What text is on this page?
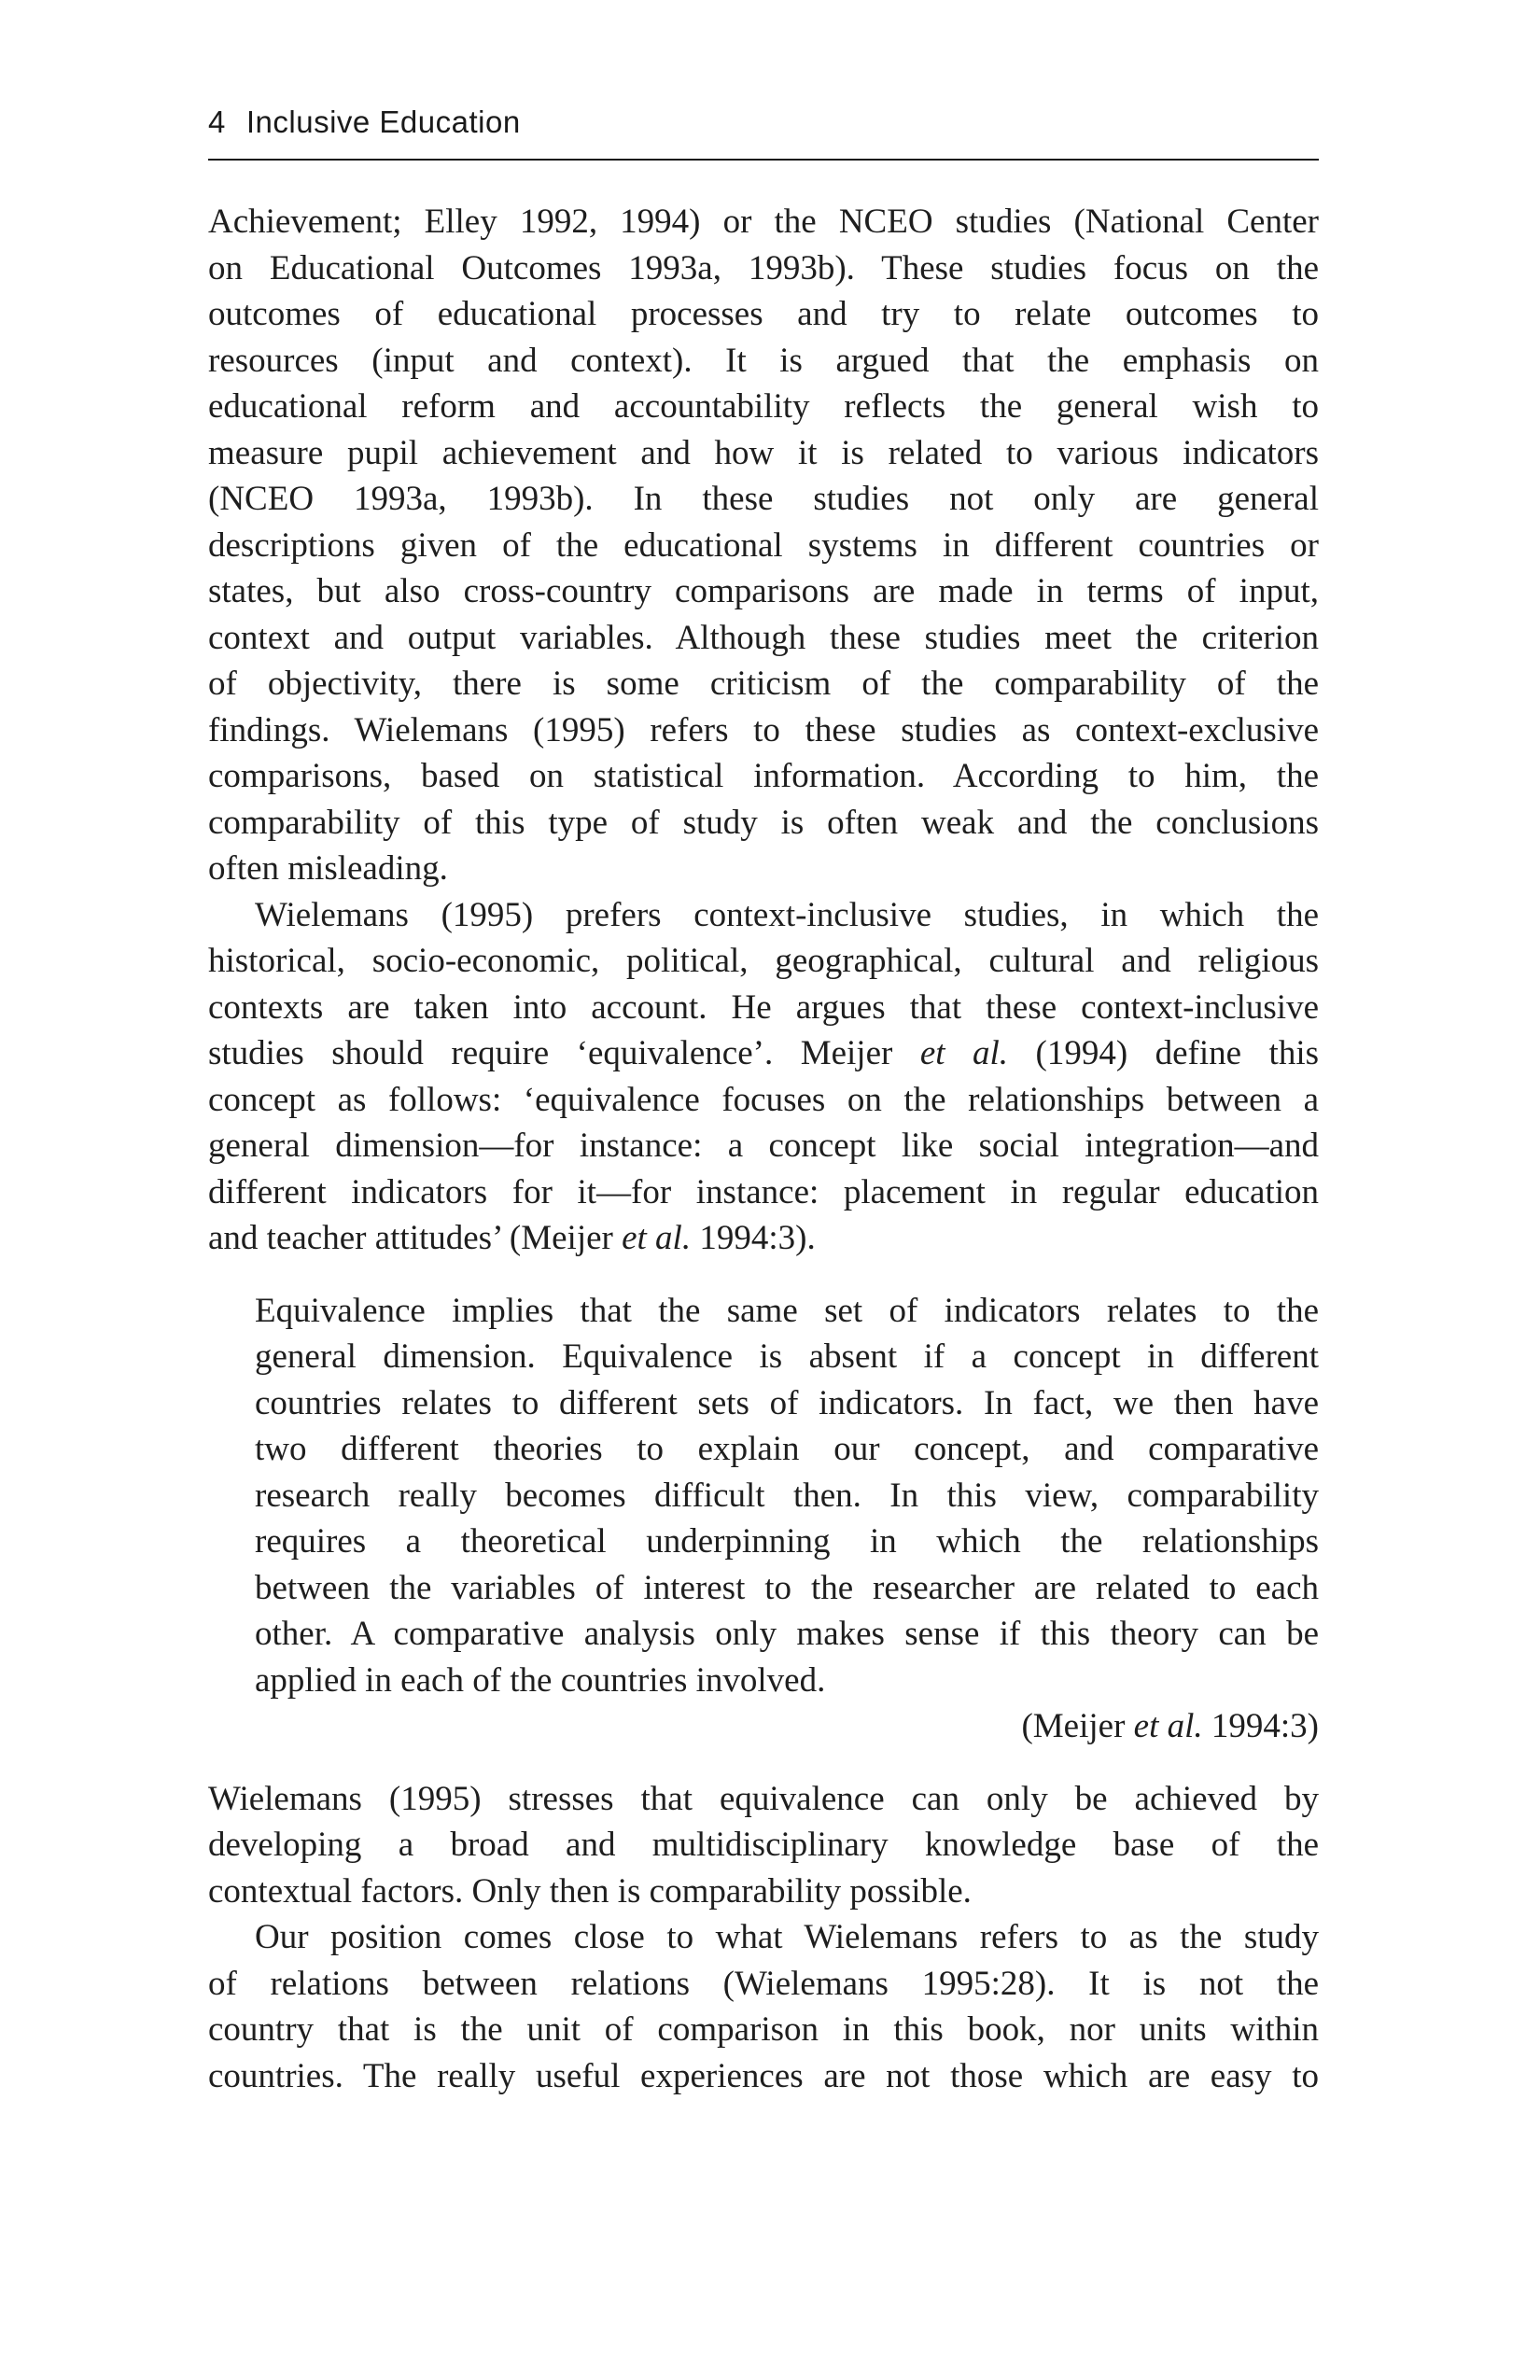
4 Inclusive Education
Achievement; Elley 1992, 1994) or the NCEO studies (National Center
on Educational Outcomes 1993a, 1993b). These studies focus on the
outcomes of educational processes and try to relate outcomes to
resources (input and context). It is argued that the emphasis on
educational reform and accountability reflects the general wish to
measure pupil achievement and how it is related to various indicators
(NCEO 1993a, 1993b). In these studies not only are general
descriptions given of the educational systems in different countries or
states, but also cross-country comparisons are made in terms of input,
context and output variables. Although these studies meet the criterion
of objectivity, there is some criticism of the comparability of the
findings. Wielemans (1995) refers to these studies as context-exclusive
comparisons, based on statistical information. According to him, the
comparability of this type of study is often weak and the conclusions
often misleading.
Wielemans (1995) prefers context-inclusive studies, in which the
historical, socio-economic, political, geographical, cultural and religious
contexts are taken into account. He argues that these context-inclusive
studies should require ‘equivalence’. Meijer et al. (1994) define this
concept as follows: ‘equivalence focuses on the relationships between a
general dimension—for instance: a concept like social integration—and
different indicators for it—for instance: placement in regular education
and teacher attitudes’ (Meijer et al. 1994:3).
Equivalence implies that the same set of indicators relates to the
general dimension. Equivalence is absent if a concept in different
countries relates to different sets of indicators. In fact, we then have
two different theories to explain our concept, and comparative
research really becomes difficult then. In this view, comparability
requires a theoretical underpinning in which the relationships
between the variables of interest to the researcher are related to each
other. A comparative analysis only makes sense if this theory can be
applied in each of the countries involved.
(Meijer et al. 1994:3)
Wielemans (1995) stresses that equivalence can only be achieved by
developing a broad and multidisciplinary knowledge base of the
contextual factors. Only then is comparability possible.
Our position comes close to what Wielemans refers to as the study
of relations between relations (Wielemans 1995:28). It is not the
country that is the unit of comparison in this book, nor units within
countries. The really useful experiences are not those which are easy to
